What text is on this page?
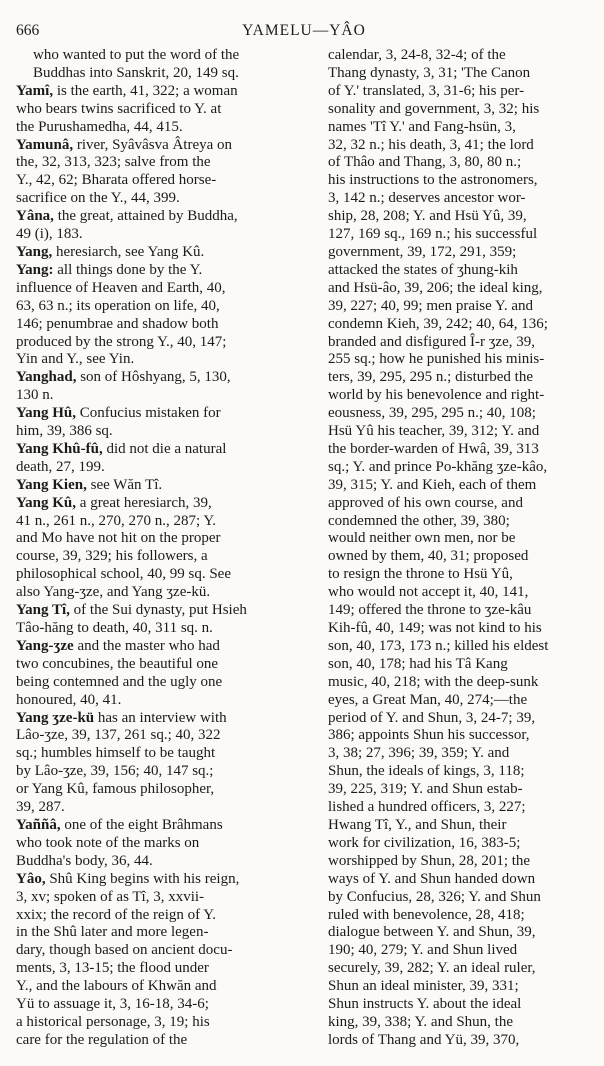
666	YAMELU—YÂO
who wanted to put the word of the
Buddhas into Sanskrit, 20, 149 sq.
Yamî, is the earth, 41, 322; a woman
who bears twins sacrificed to Y. at
the Purushamedha, 44, 415.
Yamunâ, river, Syâvâsva Âtreya on
the, 32, 313, 323; salve from the
Y., 42, 62; Bharata offered horse-
sacrifice on the Y., 44, 399.
Yâna, the great, attained by Buddha,
49 (i), 183.
Yang, heresiarch, see Yang Kû.
Yang: all things done by the Y.
influence of Heaven and Earth, 40,
63, 63 n.; its operation on life, 40,
146; penumbrae and shadow both
produced by the strong Y., 40, 147;
Yin and Y., see Yin.
Yanghad, son of Hôshyang, 5, 130,
130 n.
Yang Hû, Confucius mistaken for
him, 39, 386 sq.
Yang Khû-fû, did not die a natural
death, 27, 199.
Yang Kien, see Wăn Tî.
Yang Kû, a great heresiarch, 39,
41 n., 261 n., 270, 270 n., 287; Y.
and Mo have not hit on the proper
course, 39, 329; his followers, a
philosophical school, 40, 99 sq. See
also Yang-ʒze, and Yang ʒze-kü.
Yang Tî, of the Sui dynasty, put Hsieh
Tâo-hăng to death, 40, 311 sq. n.
Yang-ʒze and the master who had
two concubines, the beautiful one
being contemned and the ugly one
honoured, 40, 41.
Yang ʒze-kü has an interview with
Lâo-ʒze, 39, 137, 261 sq.; 40, 322
sq.; humbles himself to be taught
by Lâo-ʒze, 39, 156; 40, 147 sq.;
or Yang Kû, famous philosopher,
39, 287.
Yaññâ, one of the eight Brâhmans
who took note of the marks on
Buddha's body, 36, 44.
Yâo, Shû King begins with his reign,
3, xv; spoken of as Tî, 3, xxvii-
xxix; the record of the reign of Y.
in the Shû later and more legen-
dary, though based on ancient docu-
ments, 3, 13-15; the flood under
Y., and the labours of Khwăn and
Yü to assuage it, 3, 16-18, 34-6;
a historical personage, 3, 19; his
care for the regulation of the
calendar, 3, 24-8, 32-4; of the
Thang dynasty, 3, 31; 'The Canon
of Y.' translated, 3, 31-6; his per-
sonality and government, 3, 32; his
names 'Tî Y.' and Fang-hsün, 3,
32, 32 n.; his death, 3, 41; the lord
of Thâo and Thang, 3, 80, 80 n.;
his instructions to the astronomers,
3, 142 n.; deserves ancestor wor-
ship, 28, 208; Y. and Hsü Yû, 39,
127, 169 sq., 169 n.; his successful
government, 39, 172, 291, 359;
attacked the states of ʒhung-kih
and Hsü-âo, 39, 206; the ideal king,
39, 227; 40, 99; men praise Y. and
condemn Kieh, 39, 242; 40, 64, 136;
branded and disfigured Î-r ʒze, 39,
255 sq.; how he punished his minis-
ters, 39, 295, 295 n.; disturbed the
world by his benevolence and right-
eousness, 39, 295, 295 n.; 40, 108;
Hsü Yû his teacher, 39, 312; Y. and
the border-warden of Hwâ, 39, 313
sq.; Y. and prince Po-khăng ʒze-kâo,
39, 315; Y. and Kieh, each of them
approved of his own course, and
condemned the other, 39, 380;
would neither own men, nor be
owned by them, 40, 31; proposed
to resign the throne to Hsü Yû,
who would not accept it, 40, 141,
149; offered the throne to ʒze-kâu
Kih-fû, 40, 149; was not kind to his
son, 40, 173, 173 n.; killed his eldest
son, 40, 178; had his Tâ Kang
music, 40, 218; with the deep-sunk
eyes, a Great Man, 40, 274;—the
period of Y. and Shun, 3, 24-7; 39,
386; appoints Shun his successor,
3, 38; 27, 396; 39, 359; Y. and
Shun, the ideals of kings, 3, 118;
39, 225, 319; Y. and Shun estab-
lished a hundred officers, 3, 227;
Hwang Tî, Y., and Shun, their
work for civilization, 16, 383-5;
worshipped by Shun, 28, 201; the
ways of Y. and Shun handed down
by Confucius, 28, 326; Y. and Shun
ruled with benevolence, 28, 418;
dialogue between Y. and Shun, 39,
190; 40, 279; Y. and Shun lived
securely, 39, 282; Y. an ideal ruler,
Shun an ideal minister, 39, 331;
Shun instructs Y. about the ideal
king, 39, 338; Y. and Shun, the
lords of Thang and Yü, 39, 370,
